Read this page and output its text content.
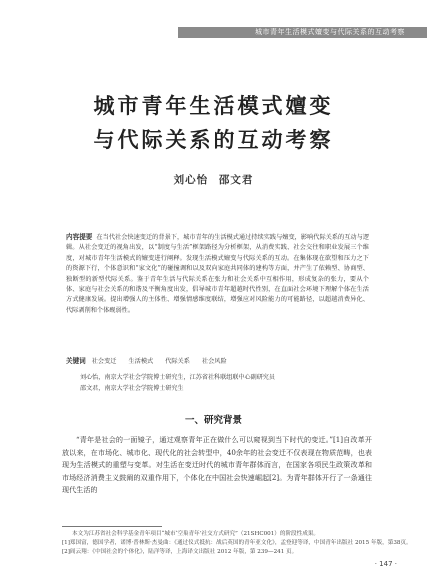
城市青年生活模式嬗变与代际关系的互动考察
城市青年生活模式嬗变
与代际关系的互动考察
刘心怡 邵文君
内容提要 在当代社会快速变迁的背景下，城市青年的生活模式通过持续实践与嬗变，影响代际关系的互动与逻辑。从社会变迁的视角出发，以“制度与生活”框架路径为分析框架，从消费实践、社会交往和职业发展三个维度，对城市青年生活模式的嬗变进行阐释。发现生活模式嬗变与代际关系的互动。在集体现在欲望和压力之下的资源下行，个体意识和“家文化”的碰撞调和以及双向家庭共同体的建构等方面，并产生了依赖型、协商型、独断型的新型代际关系。鉴于青年生活与代际关系在张力和社会关系中互相作用，形成复杂的张力，要从个体、家庭与社会关系的和谐及平衡角度出发，倡导城市青年超越时代性别，在直面社会环境下理解个体在生活方式健康发展。提出增强人的主体性、增强情感维度联结，增强应对风险能力的可能路径，以超越消费异化、代际剥削和个体觋弱性。
关键词 社会变迁 生活模式 代际关系 社会风险
刘心怡，南京大学社会学院博士研究生，江苏省社科联组联中心副研究员
邵文君，南京大学社会学院博士研究生
一、研究背景
“青年是社会的一面镜子，通过观察青年正在做什么可以窥视到当下时代的变迁。”[1]自改革开放以来，在市场化、城市化、现代化的社会转型中，40余年的社会变迁不仅表现在物质范畴，也表现为生活模式的重塑与变革。对生活在变迁时代的城市青年群体而言，在国家各项民生政策改革和市场经济消费主义鼓阐的双重作用下，个体化在中国社会快速崛起[2]。为青年群体开行了一条通往现代生活的
本文为江苏省社会科学基金青年项目“城市‘空巢青年’社交方式研究”（21SHC001）的阶段性成果。
[1]郑国富，德国学者，诺博·普林斯·杰曼曲：《通过仪式抵抗：战后英国的青年亚文化》，孟登迎等译，中国青年出版社 2015 年版，第38页。
[2]阎云翔：《中国社会的个体化》，陆洋等译，上海译文出版社 2012 年版，第 239—241 页。
· 147 ·
